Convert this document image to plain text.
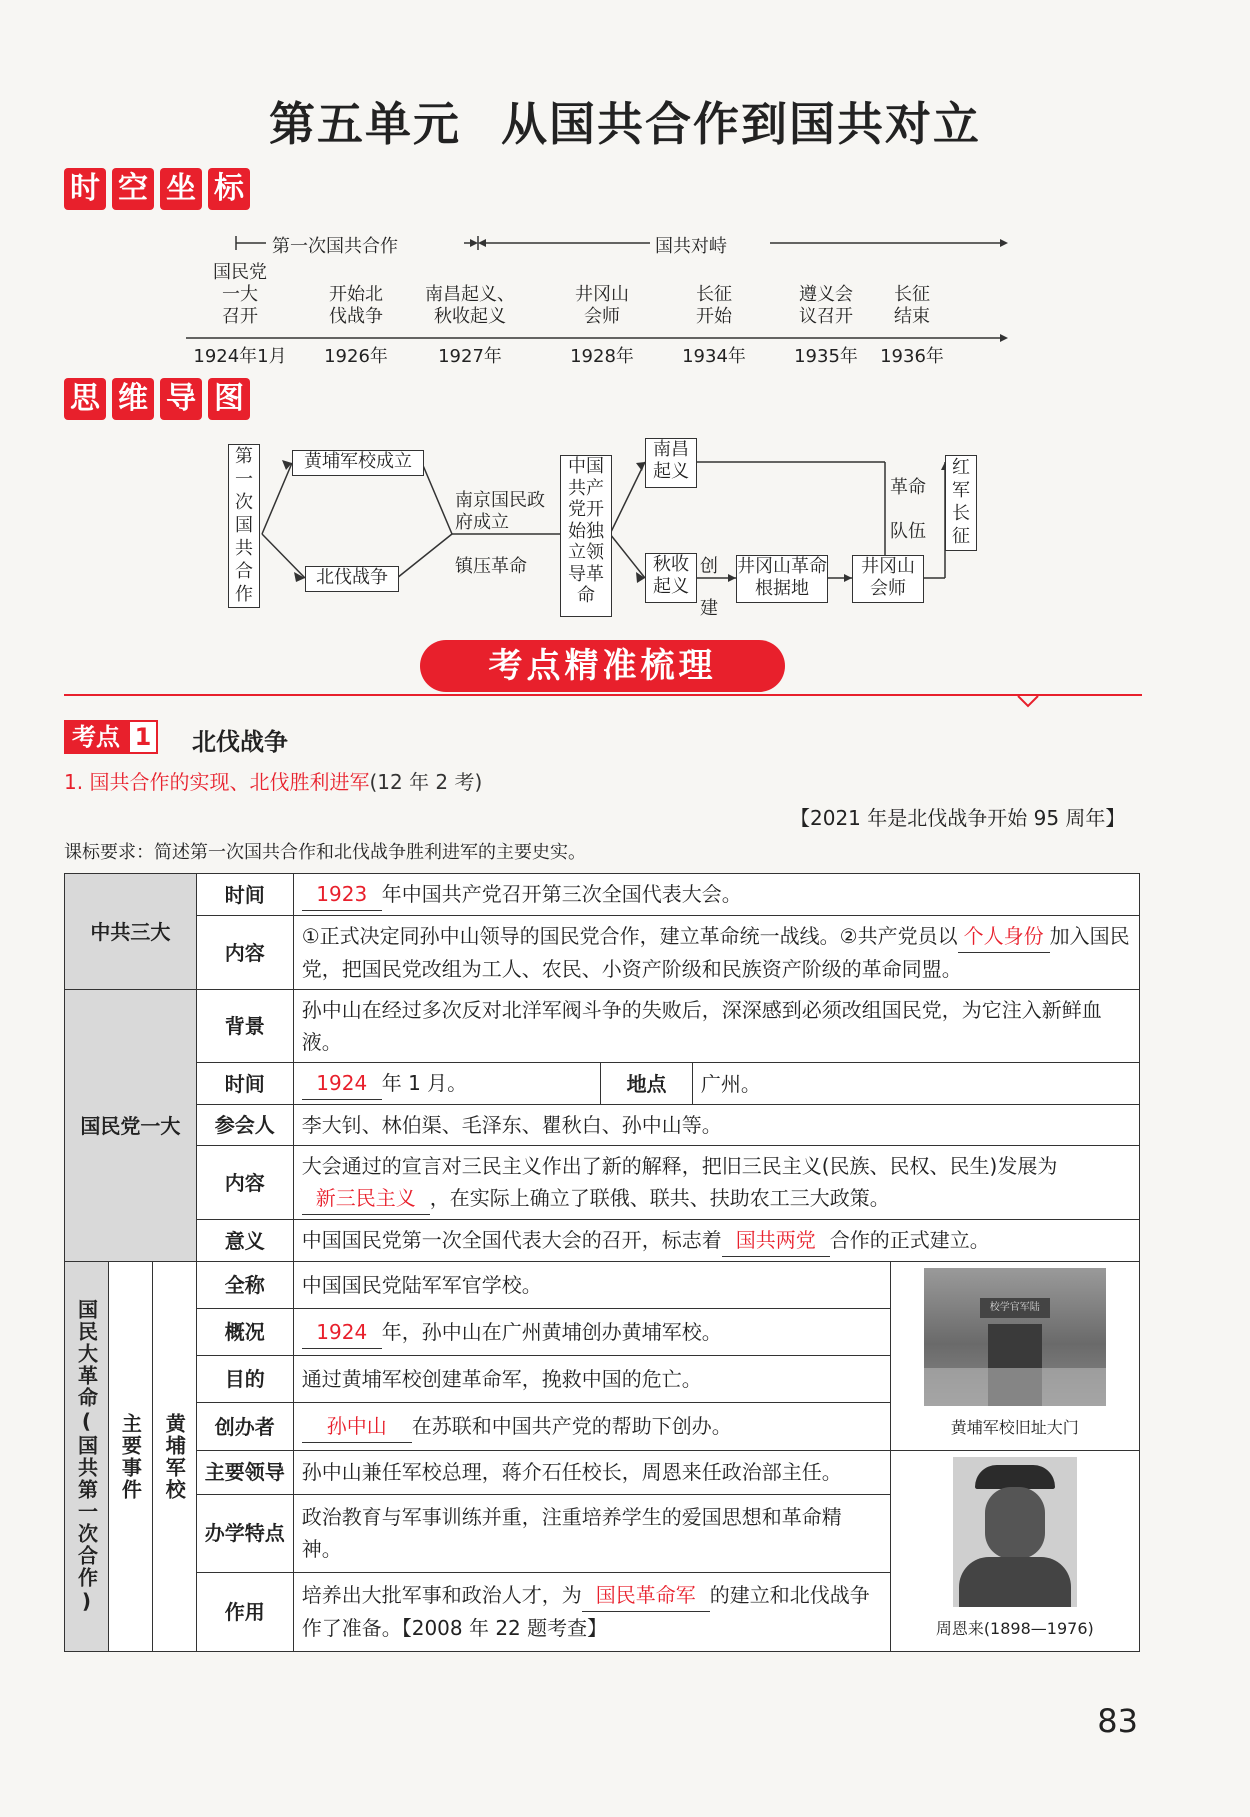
第五单元 从国共合作到国共对立
时 空 坐 标
第一次国共合作	国共对峙
国民党
一大
召开
开始北
伐战争
南昌起义、
秋收起义
井冈山
会师
长征
开始
遵义会
议召开
长征
结束
1924年1月 1926年	1927年	1928年	1934年	1935年 1936年
思 维 导 图
第一次国共合作
黄埔军校成立
北伐战争
南京国民政府成立
镇压革命
中国共产党开始独立领导革命
南昌起义
秋收起义
创建
井冈山革命根据地
井冈山会师
革命队伍
红军长征
考点精准梳理
考点 1 北伐战争
1. 国共合作的实现、北伐胜利进军(12 年 2 考)
【2021 年是北伐战争开始 95 周年】
课标要求：简述第一次国共合作和北伐战争胜利进军的主要史实。
中共三大			时间	1923 年中国共产党召开第三次全国代表大会。			
			内容	①正式决定同孙中山领导的国民党合作，建立革命统一战线。②共产党员以 个人身份 加入国民党，把国民党改组为工人、农民、小资产阶级和民族资产阶级的革命同盟。			
国民党一大			背景	孙中山在经过多次反对北洋军阀斗争的失败后，深深感到必须改组国民党，为它注入新鲜血液。			
			时间	1924 年 1 月。	地点	广州。	
			参会人	李大钊、林伯渠、毛泽东、瞿秋白、孙中山等。			
			内容	大会通过的宣言对三民主义作出了新的解释，把旧三民主义(民族、民权、民生)发展为新三民主义 ，在实际上确立了联俄、联共、扶助农工三大政策。			
			意义	中国国民党第一次全国代表大会的召开，标志着 国共两党 合作的正式建立。			

国民大革命(国共第一次合作)	主要事件	黄埔军校	全称	中国国民党陆军军官学校。			校学官军陆
黄埔军校旧址大门

			概况	1924 年，孙中山在广州黄埔创办黄埔军校。			
			目的	通过黄埔军校创建革命军，挽救中国的危亡。			
			创办者	孙中山 在苏联和中国共产党的帮助下创办。			
			主要领导	孙中山兼任军校总理，蒋介石任校长，周恩来任政治部主任。			周恩来(1898—1976)

			办学特点	政治教育与军事训练并重，注重培养学生的爱国思想和革命精神。			
			作用	培养出大批军事和政治人才，为 国民革命军 的建立和北伐战争作了准备。【2008 年 22 题考查】			
83
